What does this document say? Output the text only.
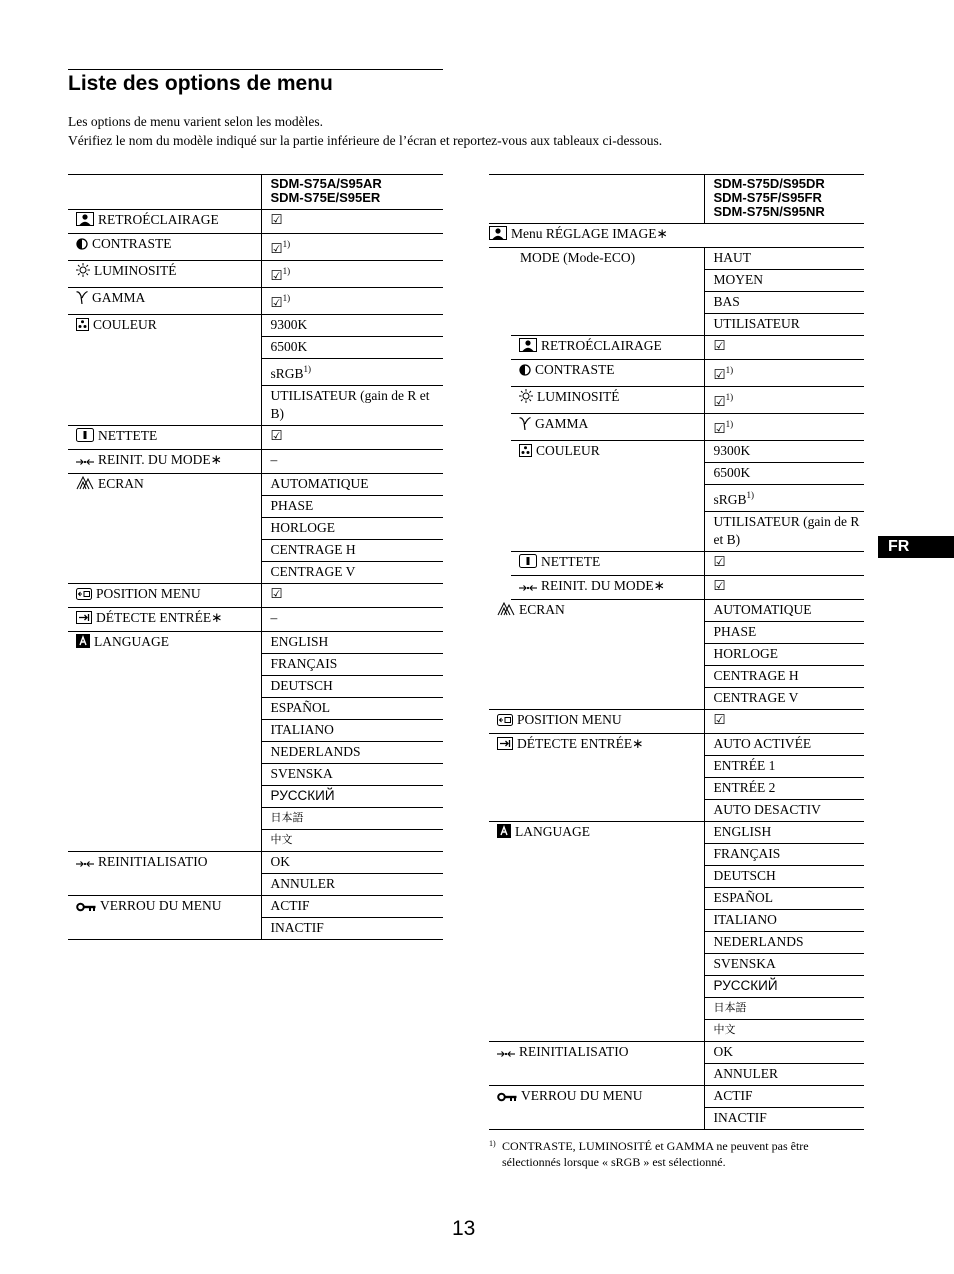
Liste des options de menu
Les options de menu varient selon les modèles.
Vérifiez le nom du modèle indiqué sur la partie inférieure de l’écran et reportez-vous aux tableaux ci-dessous.

	SDM-S75A/S95AR
SDM-S75E/S95ER

RETROÉCLAIRAGE	☑
CONTRASTE	☑$^{1)}$
LUMINOSITÉ	☑$^{1)}$
GAMMA	☑$^{1)}$
COULEUR	9300K
	6500K
	sRGB$^{1)}$
	UTILISATEUR (gain de R et B)
NETTETE	☑
REINIT. DU MODE∗	–
ECRAN	AUTOMATIQUE
	PHASE
	HORLOGE
	CENTRAGE H
	CENTRAGE V
POSITION MENU	☑
DÉTECTE ENTRÉE∗	–
LANGUAGE	ENGLISH
	FRANÇAIS
	DEUTSCH
	ESPAÑOL
	ITALIANO
	NEDERLANDS
	SVENSKA
	РУССКИЙ
	日本語
	中文
REINITIALISATIO	OK
	ANNULER
VERROU DU MENU	ACTIF
	INACTIF

		SDM-S75D/S95DR
SDM-S75F/S95FR
SDM-S75N/S95NR

Menu RÉGLAGE IMAGE∗		
	MODE (Mode-ECO)	HAUT
		MOYEN
		BAS
		UTILISATEUR
	RETROÉCLAIRAGE	☑
	CONTRASTE	☑$^{1)}$
	LUMINOSITÉ	☑$^{1)}$
	GAMMA	☑$^{1)}$
	COULEUR	9300K
		6500K
		sRGB$^{1)}$
		UTILISATEUR (gain de R et B)
	NETTETE	☑
	REINIT. DU MODE∗	☑
ECRAN		AUTOMATIQUE
		PHASE
		HORLOGE
		CENTRAGE H
		CENTRAGE V
POSITION MENU		☑
DÉTECTE ENTRÉE∗		AUTO ACTIVÉE
		ENTRÉE 1
		ENTRÉE 2
		AUTO DESACTIV
LANGUAGE		ENGLISH
		FRANÇAIS
		DEUTSCH
		ESPAÑOL
		ITALIANO
		NEDERLANDS
		SVENSKA
		РУССКИЙ
		日本語
		中文
REINITIALISATIO		OK
		ANNULER
VERROU DU MENU		ACTIF
		INACTIF
FR
1) CONTRASTE, LUMINOSITÉ et GAMMA ne peuvent pas être sélectionnés lorsque « sRGB » est sélectionné.
13
